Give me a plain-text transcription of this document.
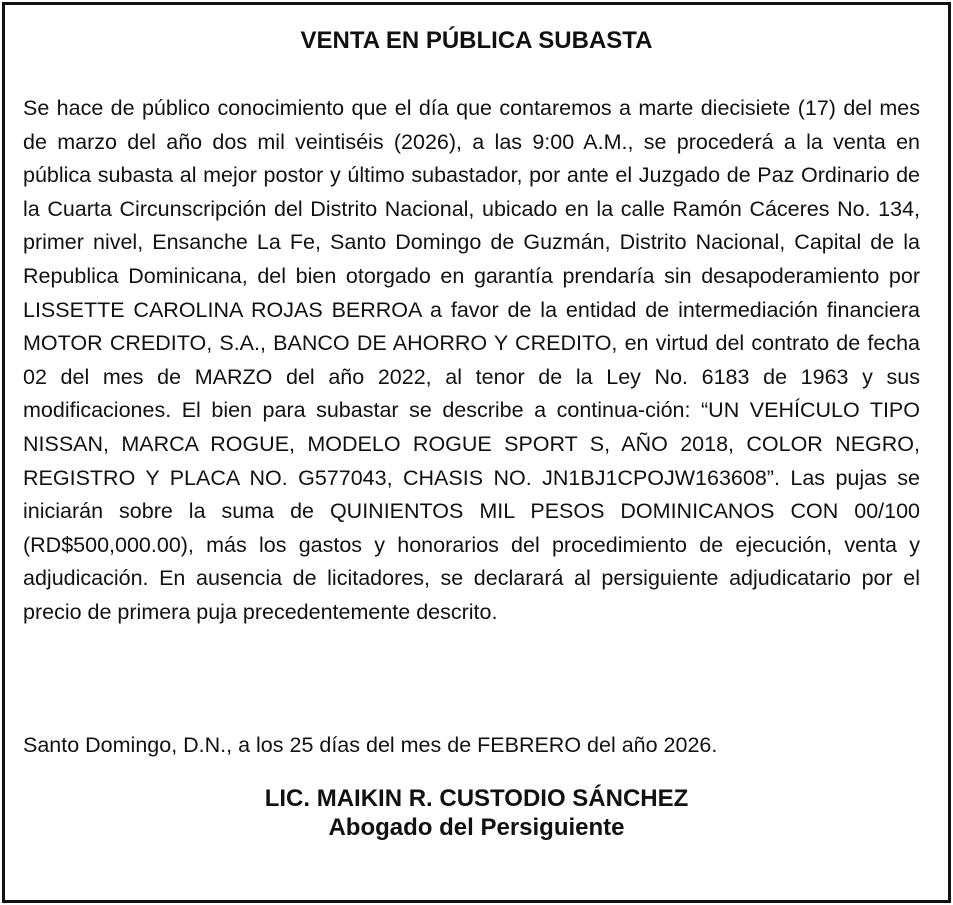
VENTA EN PÚBLICA SUBASTA

Se hace de público conocimiento que el día que contaremos a marte diecisiete (17) del mes de marzo del año dos mil veintiséis (2026), a las 9:00 A.M., se procederá a la venta en pública subasta al mejor postor y último subastador, por ante el Juzgado de Paz Ordinario de la Cuarta Circunscripción del Distrito Nacional, ubicado en la calle Ramón Cáceres No. 134, primer nivel, Ensanche La Fe, Santo Domingo de Guzmán, Distrito Nacional, Capital de la Republica Dominicana, del bien otorgado en garantía prendaría sin desapoderamiento por LISSETTE CAROLINA ROJAS BERROA a favor de la entidad de intermediación financiera MOTOR CREDITO, S.A., BANCO DE AHORRO Y CREDITO, en virtud del contrato de fecha 02 del mes de MARZO del año 2022, al tenor de la Ley No. 6183 de 1963 y sus modificaciones. El bien para subastar se describe a continua-ción: “UN VEHÍCULO TIPO NISSAN, MARCA ROGUE, MODELO ROGUE SPORT S, AÑO 2018, COLOR NEGRO, REGISTRO Y PLACA NO. G577043, CHASIS NO. JN1BJ1CPOJW163608”. Las pujas se iniciarán sobre la suma de QUINIENTOS MIL PESOS DOMINICANOS CON 00/100 (RD$500,000.00), más los gastos y honorarios del procedimiento de ejecución, venta y adjudicación. En ausencia de licitadores, se declarará al persiguiente adjudicatario por el precio de primera puja precedentemente descrito.

Santo Domingo, D.N., a los 25 días del mes de FEBRERO del año 2026.

LIC. MAIKIN R. CUSTODIO SÁNCHEZ
Abogado del Persiguiente
